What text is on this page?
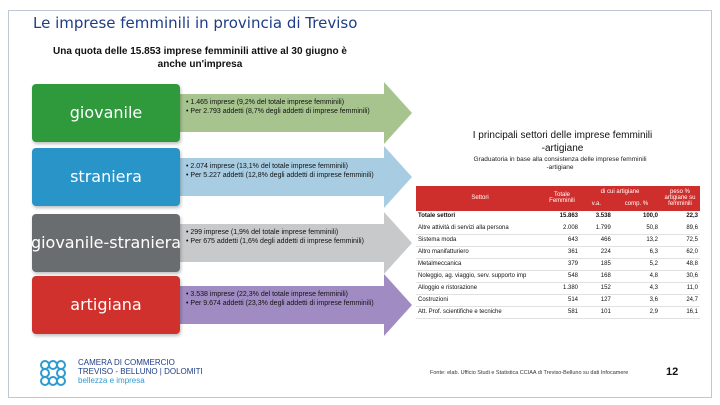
Le imprese femminili in provincia di Treviso
Una quota delle 15.853 imprese femminili attive al 30 giugno è anche un'impresa
• 1.465 imprese (9,2% del totale imprese femminili)
• Per 2.793 addetti (8,7% degli addetti di imprese femminili)
giovanile
• 2.074 imprese (13,1% del totale imprese femminili)
• Per 5.227 addetti (12,8% degli addetti di imprese femminili)
straniera
• 299 imprese (1,9% del totale imprese femminili)
• Per 675 addetti (1,6% degli addetti di imprese femminili)
giovanile- straniera
• 3.538 imprese (22,3% del totale imprese femminili)
• Per 9.674 addetti (23,3% degli addetti di imprese femminili)
artigiana
I principali settori delle imprese femminili
-artigiane
Graduatoria in base alla consistenza delle imprese femminili
-artigiane
Settori	Totale Femminili	di cui artigiane		peso % artigiane su femminili
		v.a.	comp. %	
Totale settori	15.863	3.538	100,0	22,3
Altre attività di servizi alla persona	2.008	1.799	50,8	89,6
Sistema moda	643	466	13,2	72,5
Altro manifatturiero	361	224	6,3	62,0
Metalmeccanica	379	185	5,2	48,8
Noleggio, ag. viaggio, serv. supporto imp	548	168	4,8	30,6
Alloggio e ristorazione	1.380	152	4,3	11,0
Costruzioni	514	127	3,6	24,7
Att. Prof. scientifiche e tecniche	581	101	2,9	16,1
CAMERA DI COMMERCIO
TREVISO - BELLUNO | DOLOMITI
bellezza e impresa
Fonte: elab. Ufficio Studi e Statistica CCIAA di Treviso-Belluno su dati Infocamere	12
